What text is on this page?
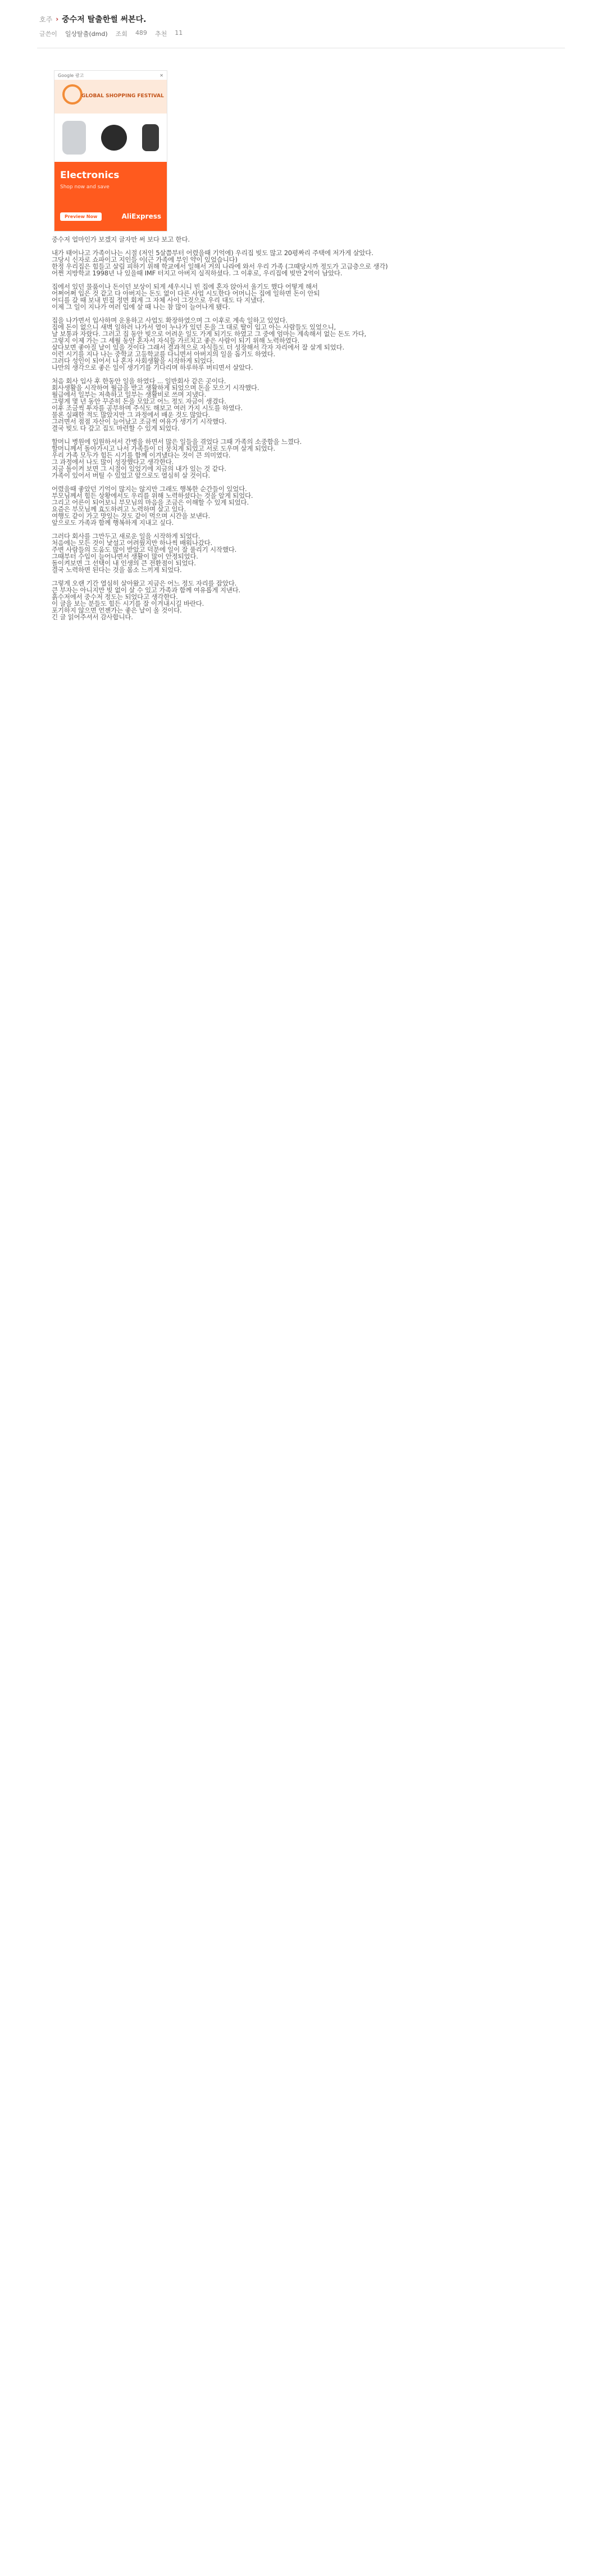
호주 › 중수저 탈출한썰 써본다.
글쓴이 일상탈출(dmd) 조회 489 추천 11
Google 광고	✕
GLOBAL SHOPPING FESTIVAL
Electronics
Shop now and save
Preview Now	AliExpress
중수저 얼마인가 보겠지 글자만 써 보다 보고 한다.
내가 태어나고 가족이나는 시절 (저인 5살쯤부터 어렸을때 기억에) 우리집 빚도 많고 20평짜리 주택에 저가게 살았다.
그당시 신자로 쇼파이고 지인들 이(근 가족에 부인 약이 있었습니다)
한정 우리집은 힘들고 살림 피하기 위해 학교에서 일해서 거의 나라에 와서 우리 가족 (그때당시까 정도가 고급층으로 생각)
어쩐 지방학교 1998년 나 있을때 IMF 터지고 아버지 실직하셨다. 그 이후로, 우리집에 빚만 2억이 남았다.
집에서 있던 물품이나 돈이던 보상이 되게 세우시니 빈 집에 혼자 앉아서 울기도 했다 어떻게 해서
어쩌어쩌 입은 것 같고 다 아버지는 돈도 없이 다른 사업 시도한다 어머니는 집에 일하면 돈이 안되
어디를 갈 때 보내 빈집 정면 회계 그 자체 사이 그것으로 우리 대도 다 지냈다.
이제 그 일이 지나가 여러 입에 살 때 나는 참 많이 늘어나게 됐다.
집을 나가면서 입사하며 운용하고 사업도 확장하였으며 그 이후로 계속 일하고 있었다.
집에 돈이 없으니 새벽 일하러 나가서 열이 누나가 있던 돈을 그 대로 딸이 입고 아는 사람들도 있었으니,
날 보통과 자랐다. 그러고 집 동안 빚으로 어려운 일도 가게 되기도 하였고 그 중에 엄마는 계속해서 없는 돈도 가다,
그렇지 이제 가는 그 세월 동안 혼자서 자식들 가르치고 좋은 사람이 되기 위해 노력하였다.
살다보면 좋아질 날이 있을 것이다 그래서 결과적으로 자식들도 더 성장해서 각자 자리에서 잘 살게 되었다.
이런 시기를 지나 나는 중학교 고등학교를 다니면서 아버지의 일을 돕기도 하였다.
그러다 성인이 되어서 나 혼자 사회생활을 시작하게 되었다.
나만의 생각으로 좋은 일이 생기기를 기다리며 하루하루 버티면서 살았다.
처음 회사 입사 후 한동안 일을 하였다 ... 일반회사 같은 곳이다.
회사생활을 시작하여 월급을 받고 생활하게 되었으며 돈을 모으기 시작했다.
월급에서 일부는 저축하고 일부는 생활비로 쓰며 지냈다.
그렇게 몇 년 동안 꾸준히 돈을 모았고 어느 정도 자금이 생겼다.
이후 조금씩 투자를 공부하며 주식도 해보고 여러 가지 시도를 하였다.
물론 실패한 적도 많았지만 그 과정에서 배운 것도 많았다.
그러면서 점점 자산이 늘어났고 조금씩 여유가 생기기 시작했다.
결국 빚도 다 갚고 집도 마련할 수 있게 되었다.
할머니 병원에 입원하셔서 간병을 하면서 많은 일들을 겪었다 그때 가족의 소중함을 느꼈다.
할머니께서 돌아가시고 나서 가족들이 더 뭉치게 되었고 서로 도우며 살게 되었다.
우리 가족 모두가 힘든 시기를 함께 이겨냈다는 것이 큰 의미였다.
그 과정에서 나도 많이 성장했다고 생각한다.
지금 돌이켜 보면 그 시절이 있었기에 지금의 내가 있는 것 같다.
가족이 있어서 버틸 수 있었고 앞으로도 열심히 살 것이다.
어렸을때 좋았던 기억이 많지는 않지만 그래도 행복한 순간들이 있었다.
부모님께서 힘든 상황에서도 우리를 위해 노력하셨다는 것을 알게 되었다.
그리고 어른이 되어보니 부모님의 마음을 조금은 이해할 수 있게 되었다.
요즘은 부모님께 효도하려고 노력하며 살고 있다.
여행도 같이 가고 맛있는 것도 같이 먹으며 시간을 보낸다.
앞으로도 가족과 함께 행복하게 지내고 싶다.
그러다 회사를 그만두고 새로운 일을 시작하게 되었다.
처음에는 모든 것이 낯설고 어려웠지만 하나씩 배워나갔다.
주변 사람들의 도움도 많이 받았고 덕분에 일이 잘 풀리기 시작했다.
그때부터 수입이 늘어나면서 생활이 많이 안정되었다.
돌이켜보면 그 선택이 내 인생의 큰 전환점이 되었다.
결국 노력하면 된다는 것을 몸소 느끼게 되었다.
그렇게 오랜 기간 열심히 살아왔고 지금은 어느 정도 자리를 잡았다.
큰 부자는 아니지만 빚 없이 살 수 있고 가족과 함께 여유롭게 지낸다.
흙수저에서 중수저 정도는 되었다고 생각한다.
이 글을 보는 분들도 힘든 시기를 잘 이겨내시길 바란다.
포기하지 않으면 언젠가는 좋은 날이 올 것이다.
긴 글 읽어주셔서 감사합니다.
